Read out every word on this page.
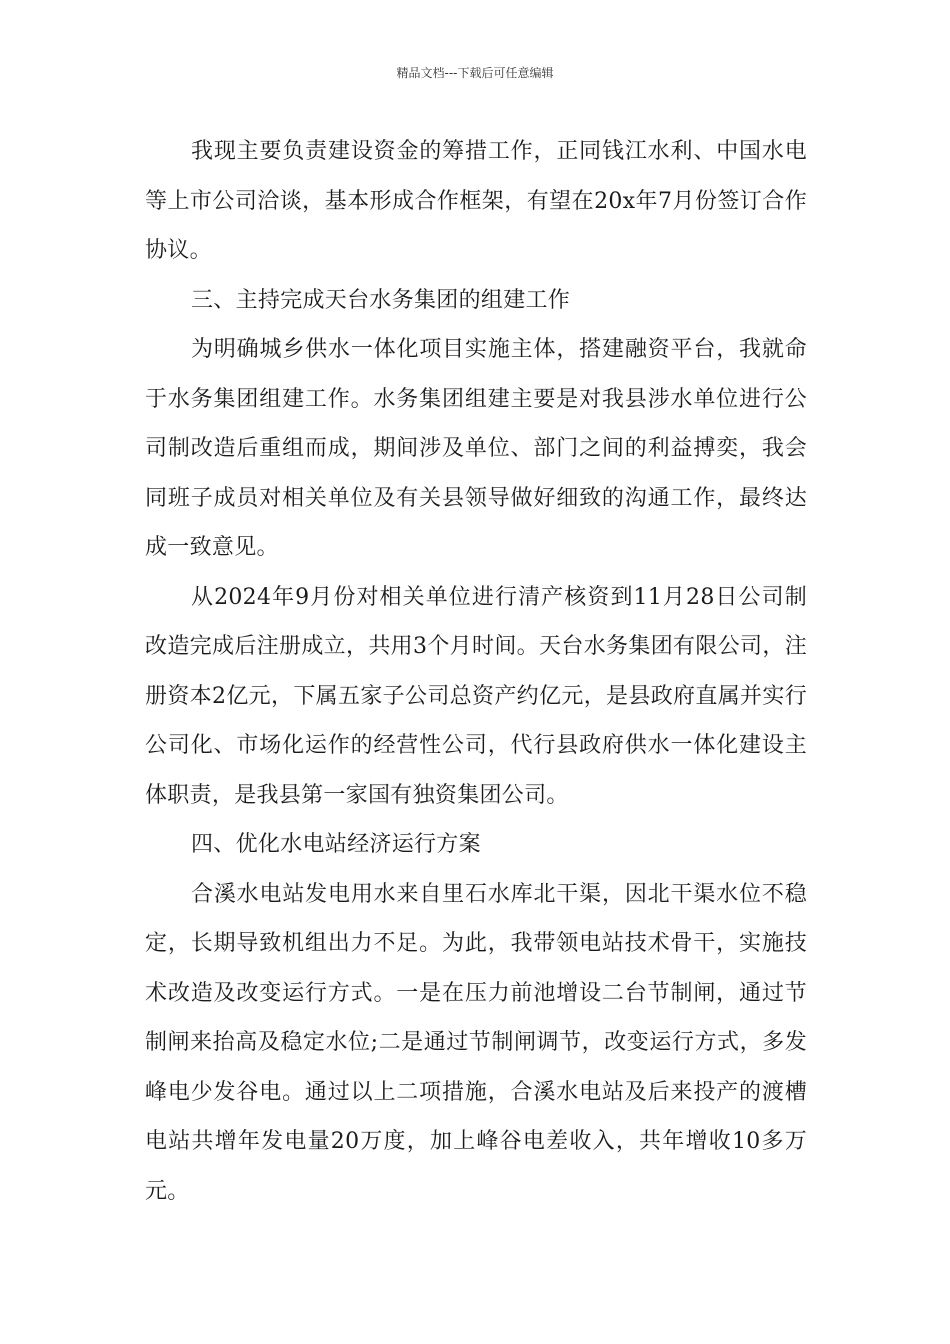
精品文档---下载后可任意编辑

我现主要负责建设资金的筹措工作，正同钱江水利、中国水电等上市公司洽谈，基本形成合作框架，有望在20x年7月份签订合作协议。

三、主持完成天台水务集团的组建工作

为明确城乡供水一体化项目实施主体，搭建融资平台，我就命于水务集团组建工作。水务集团组建主要是对我县涉水单位进行公司制改造后重组而成，期间涉及单位、部门之间的利益搏奕，我会同班子成员对相关单位及有关县领导做好细致的沟通工作，最终达成一致意见。

从2024年9月份对相关单位进行清产核资到11月28日公司制改造完成后注册成立，共用3个月时间。天台水务集团有限公司，注册资本2亿元，下属五家子公司总资产约亿元，是县政府直属并实行公司化、市场化运作的经营性公司，代行县政府供水一体化建设主体职责，是我县第一家国有独资集团公司。

四、优化水电站经济运行方案

合溪水电站发电用水来自里石水库北干渠，因北干渠水位不稳定，长期导致机组出力不足。为此，我带领电站技术骨干，实施技术改造及改变运行方式。一是在压力前池增设二台节制闸，通过节制闸来抬高及稳定水位;二是通过节制闸调节，改变运行方式，多发峰电少发谷电。通过以上二项措施，合溪水电站及后来投产的渡槽电站共增年发电量20万度，加上峰谷电差收入，共年增收10多万元。
